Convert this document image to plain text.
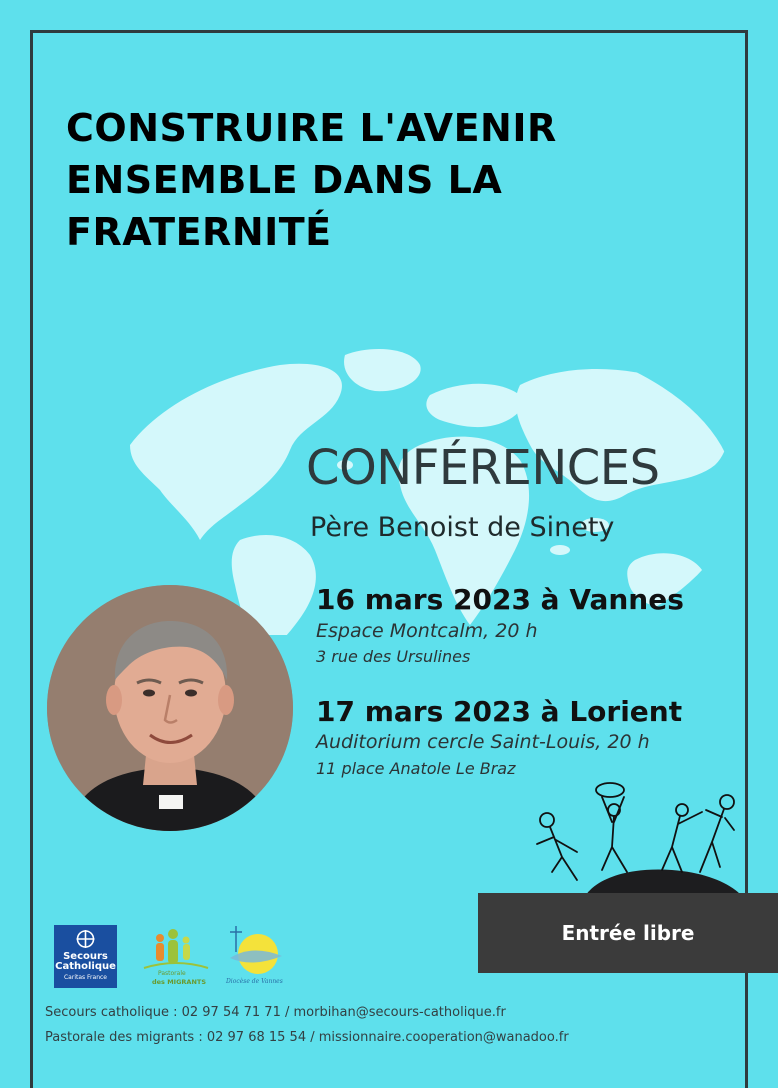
CONSTRUIRE L'AVENIR
ENSEMBLE DANS LA
FRATERNITÉ
CONFÉRENCES
Père Benoist de Sinety
16 mars 2023 à Vannes
Espace Montcalm, 20 h
3 rue des Ursulines
17 mars 2023 à Lorient
Auditorium cercle Saint-Louis, 20 h
11 place Anatole Le Braz
Entrée libre
Secours
Catholique
Caritas France
Pastorale
des MIGRANTS	Diocèse de Vannes
Secours catholique : 02 97 54 71 71 / morbihan@secours-catholique.fr
Pastorale des migrants : 02 97 68 15 54 / missionnaire.cooperation@wanadoo.fr
